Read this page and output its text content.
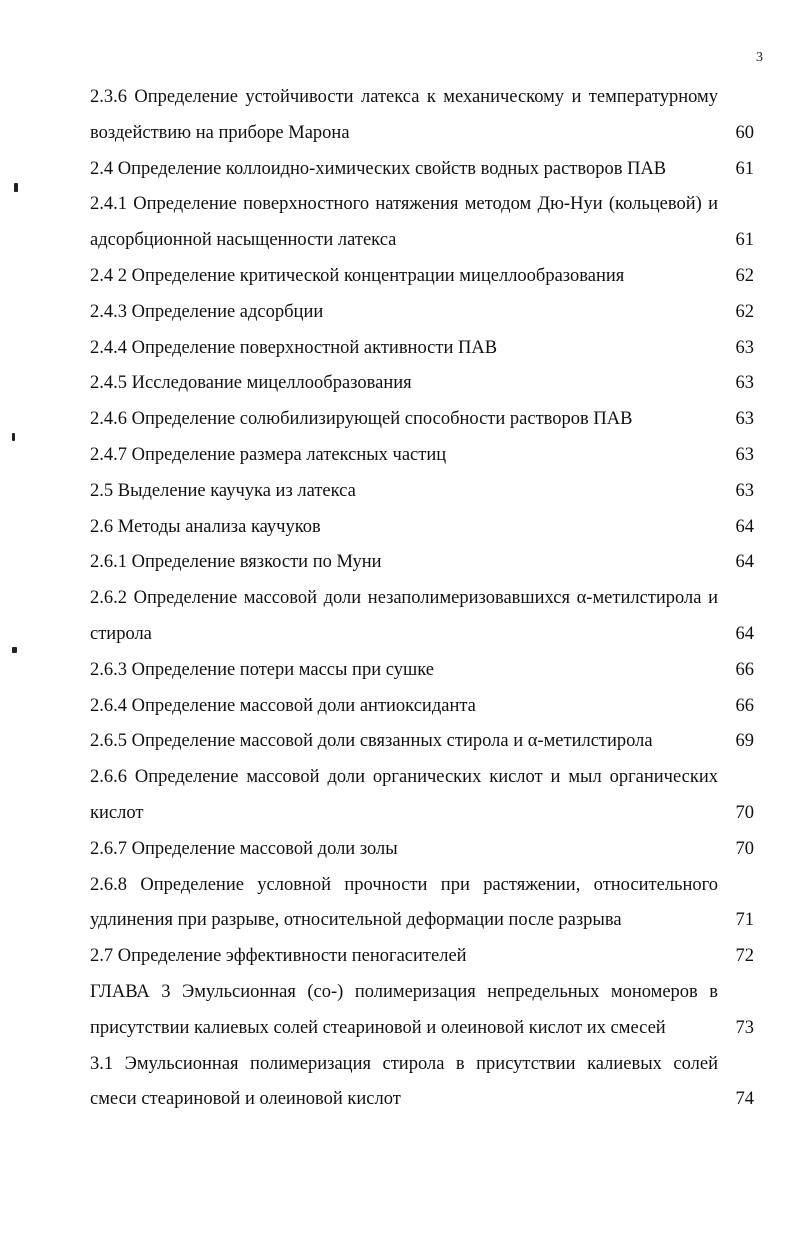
3
2.3.6 Определение устойчивости латекса к механическому и температурному воздействию на приборе Марона	60
2.4 Определение коллоидно-химических свойств водных растворов ПАВ	61
2.4.1 Определение поверхностного натяжения методом Дю-Нуи (кольцевой) и адсорбционной насыщенности латекса	61
2.4 2 Определение критической концентрации мицеллообразования	62
2.4.3 Определение адсорбции	62
2.4.4 Определение поверхностной активности ПАВ	63
2.4.5 Исследование мицеллообразования	63
2.4.6 Определение солюбилизирующей способности растворов ПАВ	63
2.4.7 Определение размера латексных частиц	63
2.5 Выделение каучука из латекса	63
2.6 Методы анализа каучуков	64
2.6.1 Определение вязкости по Муни	64
2.6.2 Определение массовой доли незаполимеризовавшихся α-метилстирола и стирола	64
2.6.3 Определение потери массы при сушке	66
2.6.4 Определение массовой доли антиоксиданта	66
2.6.5 Определение массовой доли связанных стирола и α-метилстирола	69
2.6.6 Определение массовой доли органических кислот и мыл органических кислот	70
2.6.7 Определение массовой доли золы	70
2.6.8 Определение условной прочности при растяжении, относительного удлинения при разрыве, относительной деформации после разрыва	71
2.7 Определение эффективности пеногасителей	72
ГЛАВА 3 Эмульсионная (со-) полимеризация непредельных мономеров в присутствии калиевых солей стеариновой и олеиновой кислот их смесей	73
3.1 Эмульсионная полимеризация стирола в присутствии калиевых солей смеси стеариновой и олеиновой кислот	74
